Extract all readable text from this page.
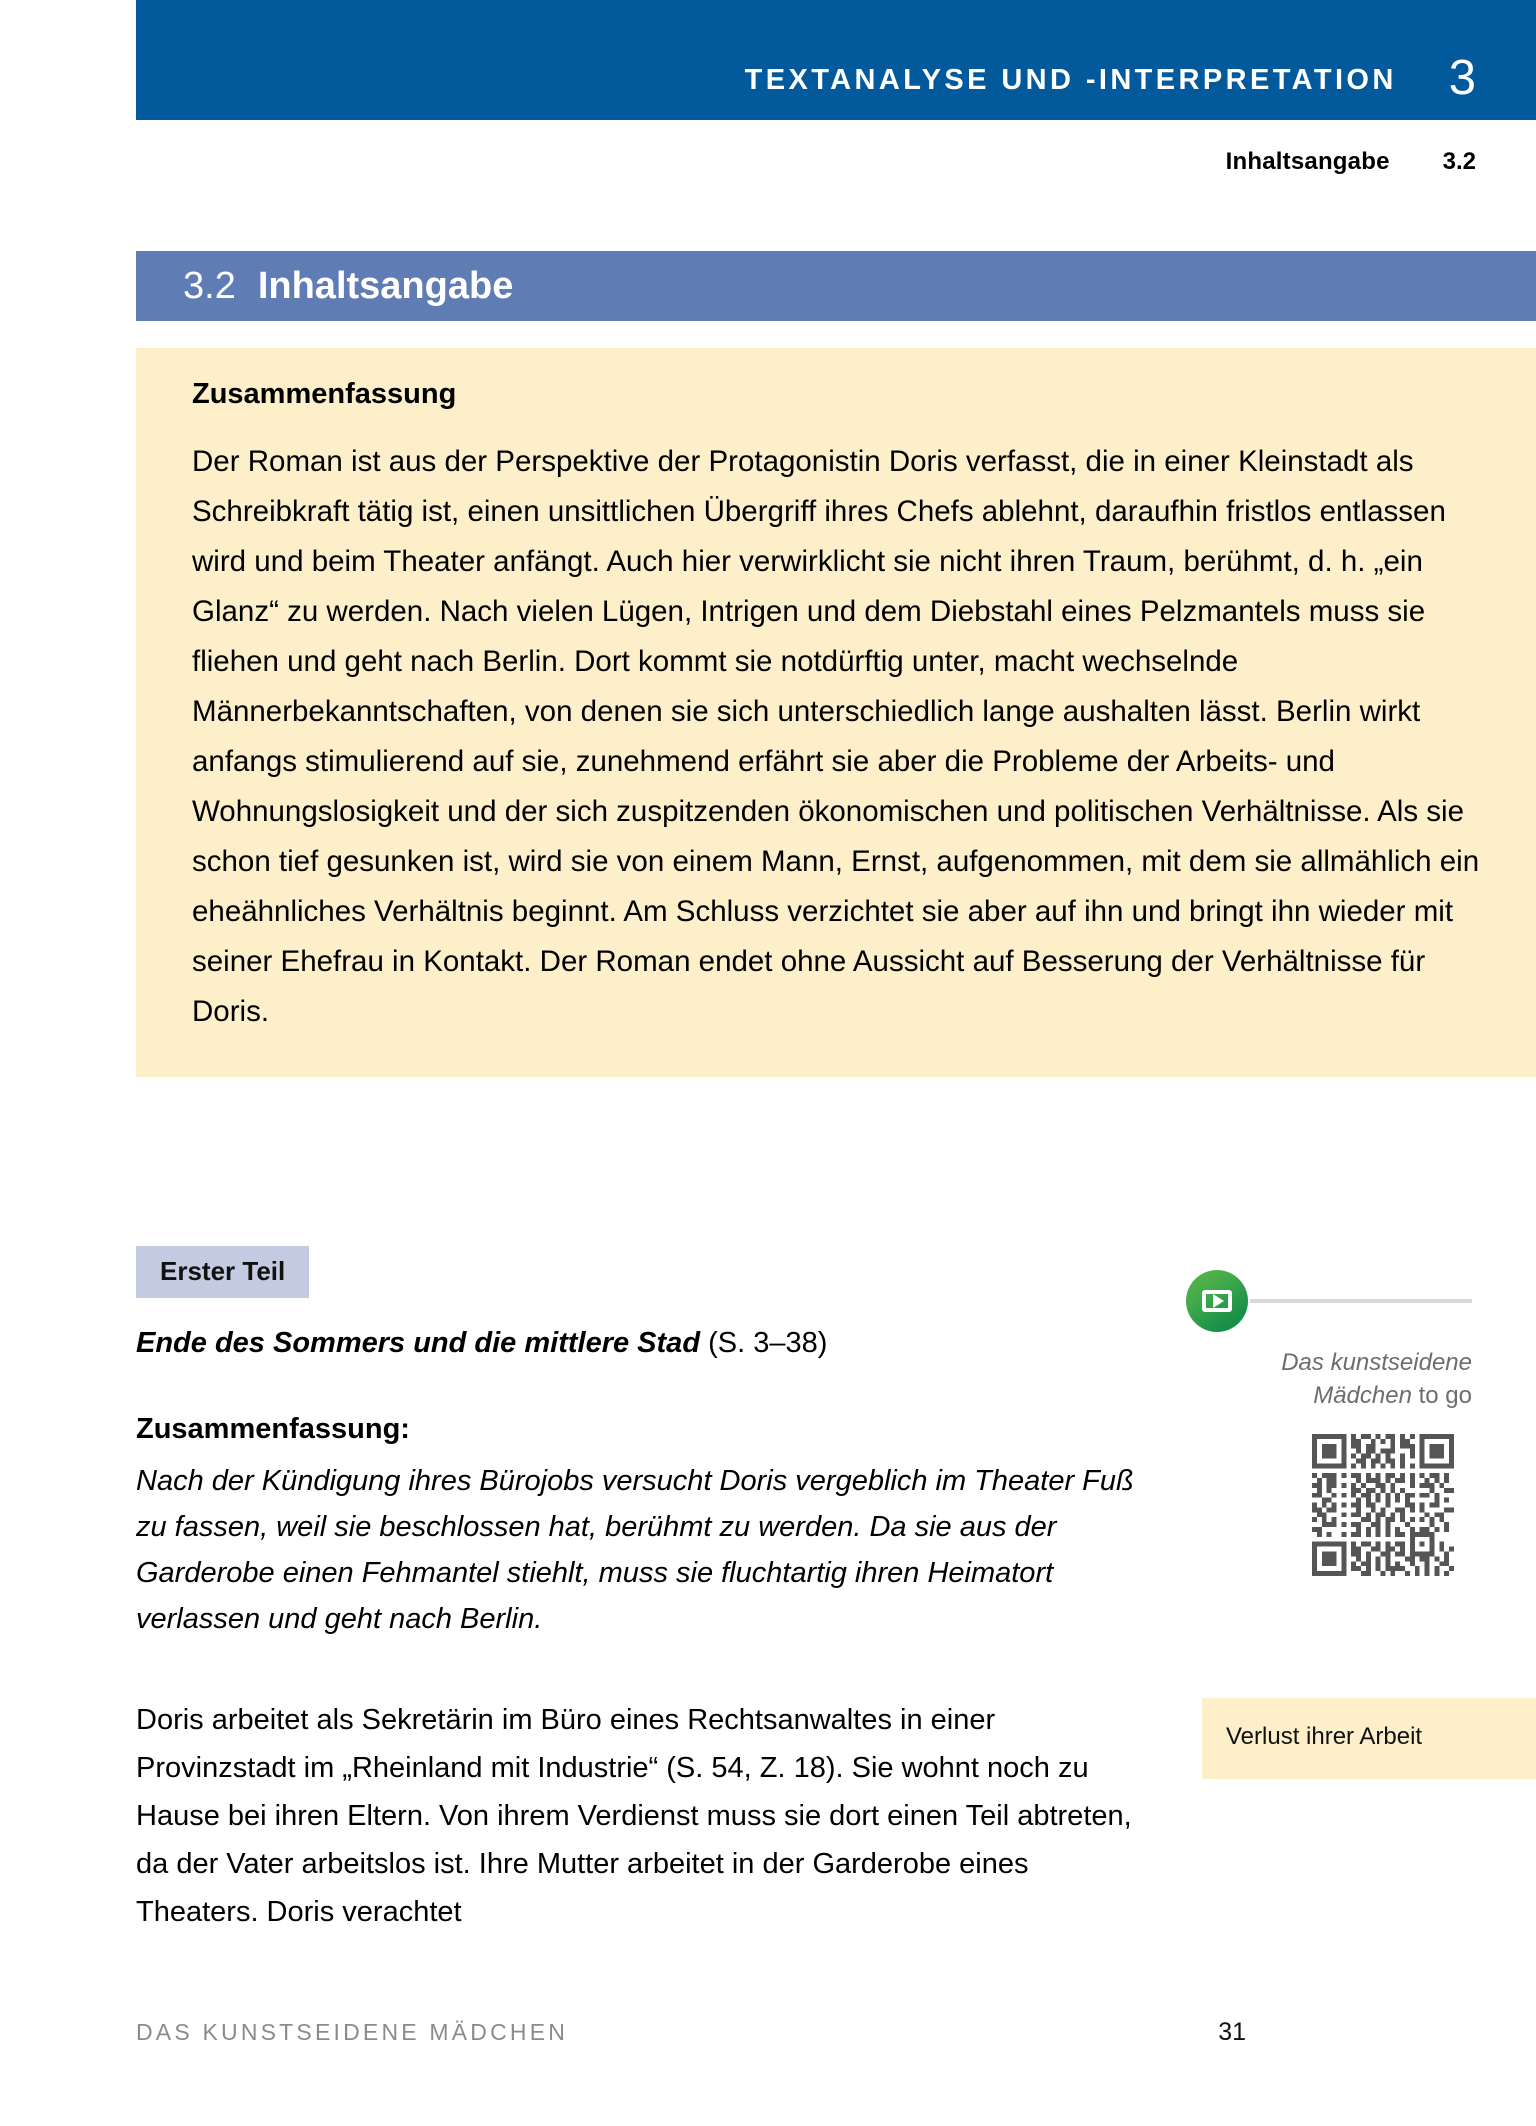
TEXTANALYSE UND -INTERPRETATION 3
Inhaltsangabe 3.2
3.2 Inhaltsangabe
Zusammenfassung

Der Roman ist aus der Perspektive der Protagonistin Doris verfasst, die in einer Kleinstadt als Schreibkraft tätig ist, einen unsittlichen Übergriff ihres Chefs ablehnt, daraufhin fristlos entlassen wird und beim Theater anfängt. Auch hier verwirklicht sie nicht ihren Traum, berühmt, d. h. „ein Glanz“ zu werden. Nach vielen Lügen, Intrigen und dem Diebstahl eines Pelzmantels muss sie fliehen und geht nach Berlin. Dort kommt sie notdürftig unter, macht wechselnde Männerbekanntschaften, von denen sie sich unterschiedlich lange aushalten lässt. Berlin wirkt anfangs stimulierend auf sie, zunehmend erfährt sie aber die Probleme der Arbeits- und Wohnungslosigkeit und der sich zuspitzenden ökonomischen und politischen Verhältnisse. Als sie schon tief gesunken ist, wird sie von einem Mann, Ernst, aufgenommen, mit dem sie allmählich ein eheähnliches Verhältnis beginnt. Am Schluss verzichtet sie aber auf ihn und bringt ihn wieder mit seiner Ehefrau in Kontakt. Der Roman endet ohne Aussicht auf Besserung der Verhältnisse für Doris.

Erster Teil

Ende des Sommers und die mittlere Stad (S. 3–38)

Zusammenfassung:

Nach der Kündigung ihres Bürojobs versucht Doris vergeblich im Theater Fuß zu fassen, weil sie beschlossen hat, berühmt zu werden. Da sie aus der Garderobe einen Fehmantel stiehlt, muss sie fluchtartig ihren Heimatort verlassen und geht nach Berlin.

Doris arbeitet als Sekretärin im Büro eines Rechtsanwaltes in einer Provinzstadt im „Rheinland mit Industrie“ (S. 54, Z. 18). Sie wohnt noch zu Hause bei ihren Eltern. Von ihrem Verdienst muss sie dort einen Teil abtreten, da der Vater arbeitslos ist. Ihre Mutter arbeitet in der Garderobe eines Theaters. Doris verachtet

Das kunstseidene Mädchen to go
Verlust ihrer Arbeit
DAS KUNSTSEIDENE MÄDCHEN	31
